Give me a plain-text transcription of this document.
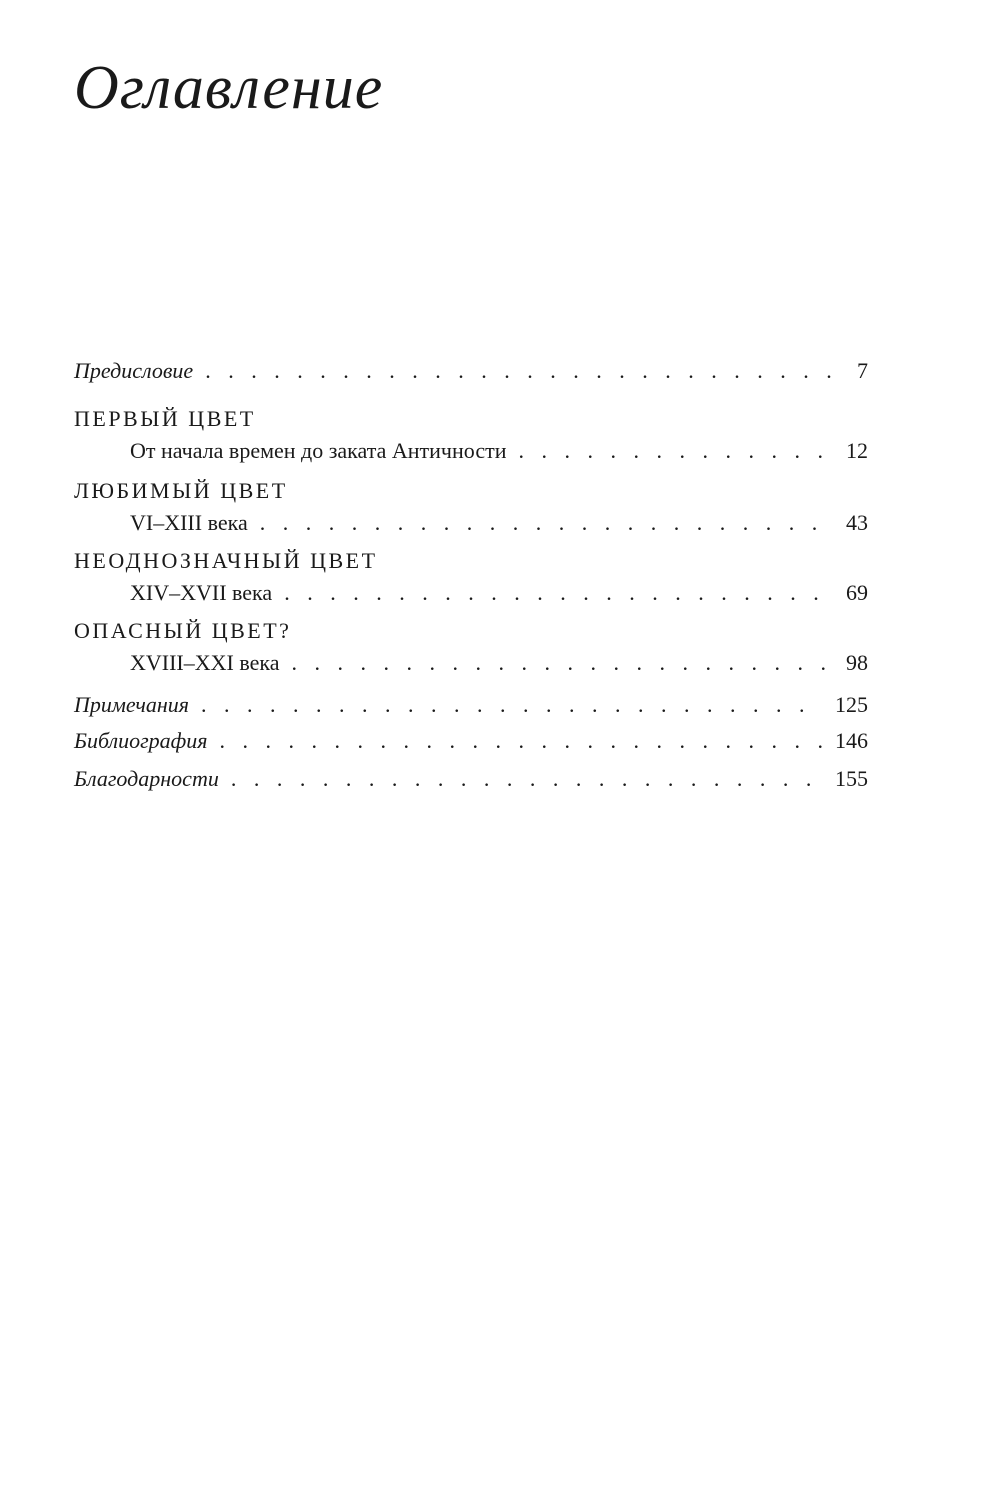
Оглавление
Предисловие . . .	7
ПЕРВЫЙ ЦВЕТ
От начала времен до заката Античности . . .	12
ЛЮБИМЫЙ ЦВЕТ
VI–XIII века . . .	43
НЕОДНОЗНАЧНЫЙ ЦВЕТ
XIV–XVII века . . .	69
ОПАСНЫЙ ЦВЕТ?
XVIII–XXI века . . .	98
Примечания . . .	125
Библиография . . .	146
Благодарности . . .	155
